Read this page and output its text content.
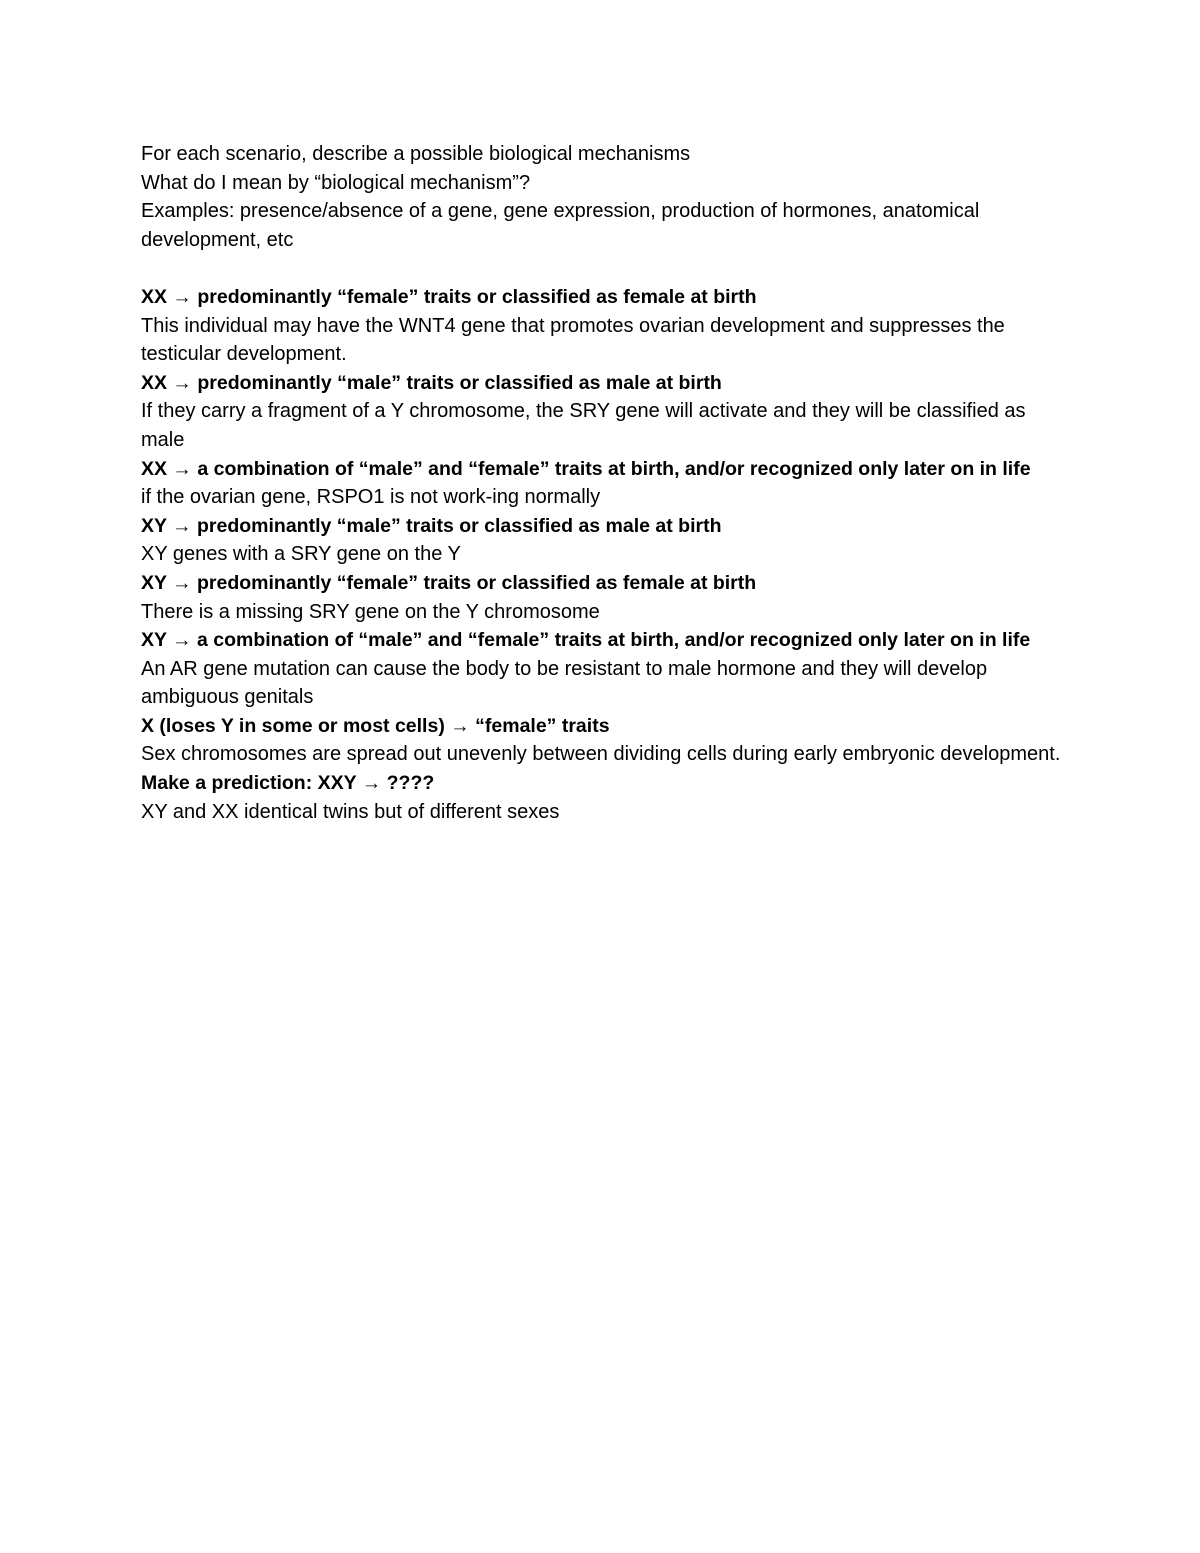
For each scenario, describe a possible biological mechanisms

What do I mean by “biological mechanism”?

Examples: presence/absence of a gene, gene expression, production of hormones, anatomical development, etc

XX → predominantly “female” traits or classified as female at birth

This individual may have the WNT4 gene that promotes ovarian development and suppresses the testicular development.

XX → predominantly “male” traits or classified as male at birth

If they carry a fragment of a Y chromosome, the SRY gene will activate and they will be classified as male

XX → a combination of “male” and “female” traits at birth, and/or recognized only later on in life

if the ovarian gene, RSPO1 is not work-ing normally

XY → predominantly “male” traits or classified as male at birth

XY genes with a SRY gene on the Y

XY → predominantly “female” traits or classified as female at birth

There is a missing SRY gene on the Y chromosome

XY → a combination of “male” and “female” traits at birth, and/or recognized only later on in life

An AR gene mutation can cause the body to be resistant to male hormone and they will develop ambiguous genitals

X (loses Y in some or most cells) → “female” traits

Sex chromosomes are spread out unevenly between dividing cells during early embryonic development.

Make a prediction: XXY → ????

XY and XX identical twins but of different sexes
